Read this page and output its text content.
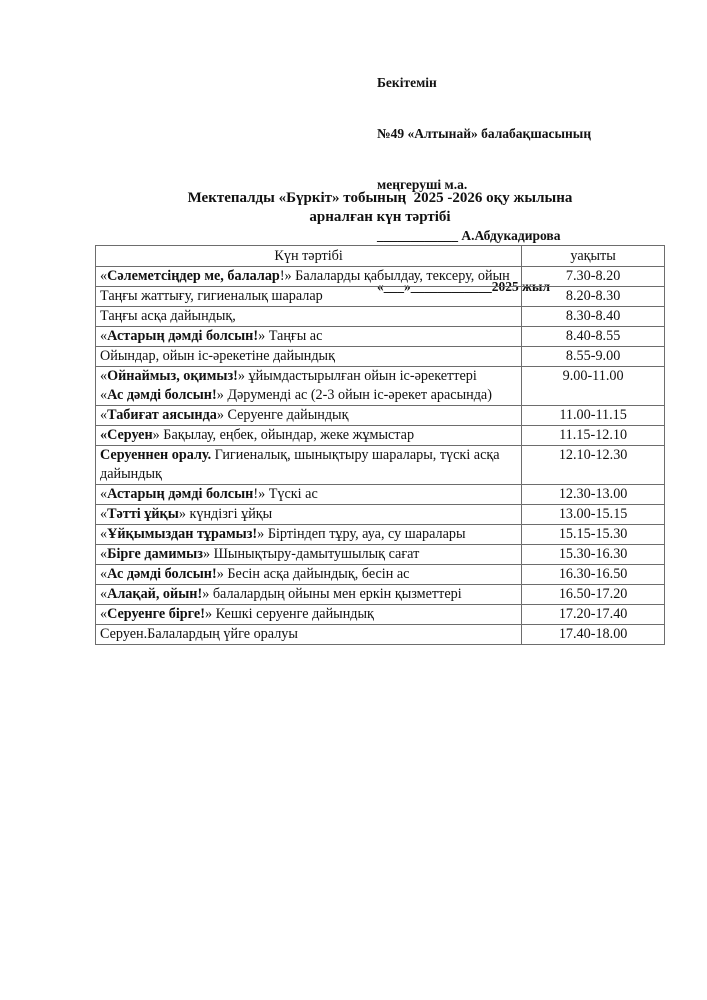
Бекітемін

№49 «Алтынай» балабақшасының

меңгеруші м.а.

____________ А.Абдукадирова

«___»____________2025 жыл

Мектепалды «Бүркіт» тобының  2025 -2026 оқу жылына
арналған күн тәртібі
Күн тәртібі	уақыты
«Сәлеметсіңдер ме, балалар!» Балаларды қабылдау, тексеру, ойын	7.30-8.20
Таңғы жаттығу, гигиеналық шаралар	8.20-8.30
Таңғы асқа дайындық,	8.30-8.40
«Астарың дәмді болсын!» Таңғы ас	8.40-8.55
Ойындар, ойын іс-әрекетіне дайындық	8.55-9.00
«Ойнаймыз, оқимыз!» ұйымдастырылған ойын іс-әрекеттері
«Ас дәмді болсын!» Дәрумендi ас (2-3 ойын іс-әрекет арасында)	9.00-11.00
«Табиғат аясында» Серуенге дайындық	11.00-11.15
«Серуен» Бақылау, еңбек, ойындар, жеке жұмыстар	11.15-12.10
Серуеннен оралу. Гигиеналық, шынықтыру шаралары, түскі асқа дайындық	12.10-12.30
«Астарың дәмді болсын!» Түскі ас	12.30-13.00
«Тәтті ұйқы» күндізгі ұйқы	13.00-15.15
«Ұйқымыздан тұрамыз!» Біртіндеп тұру, ауа, су шаралары	15.15-15.30
«Бірге дамимыз» Шынықтыру-дамытушылық сағат	15.30-16.30
«Ас дәмді болсын!» Бесін асқа дайындық, бесін ас	16.30-16.50
«Алақай, ойын!» балалардың ойыны мен еркін қызметтері	16.50-17.20
«Серуенге бірге!» Кешкі серуенге дайындық	17.20-17.40
Серуен.Балалардың үйге оралуы	17.40-18.00
